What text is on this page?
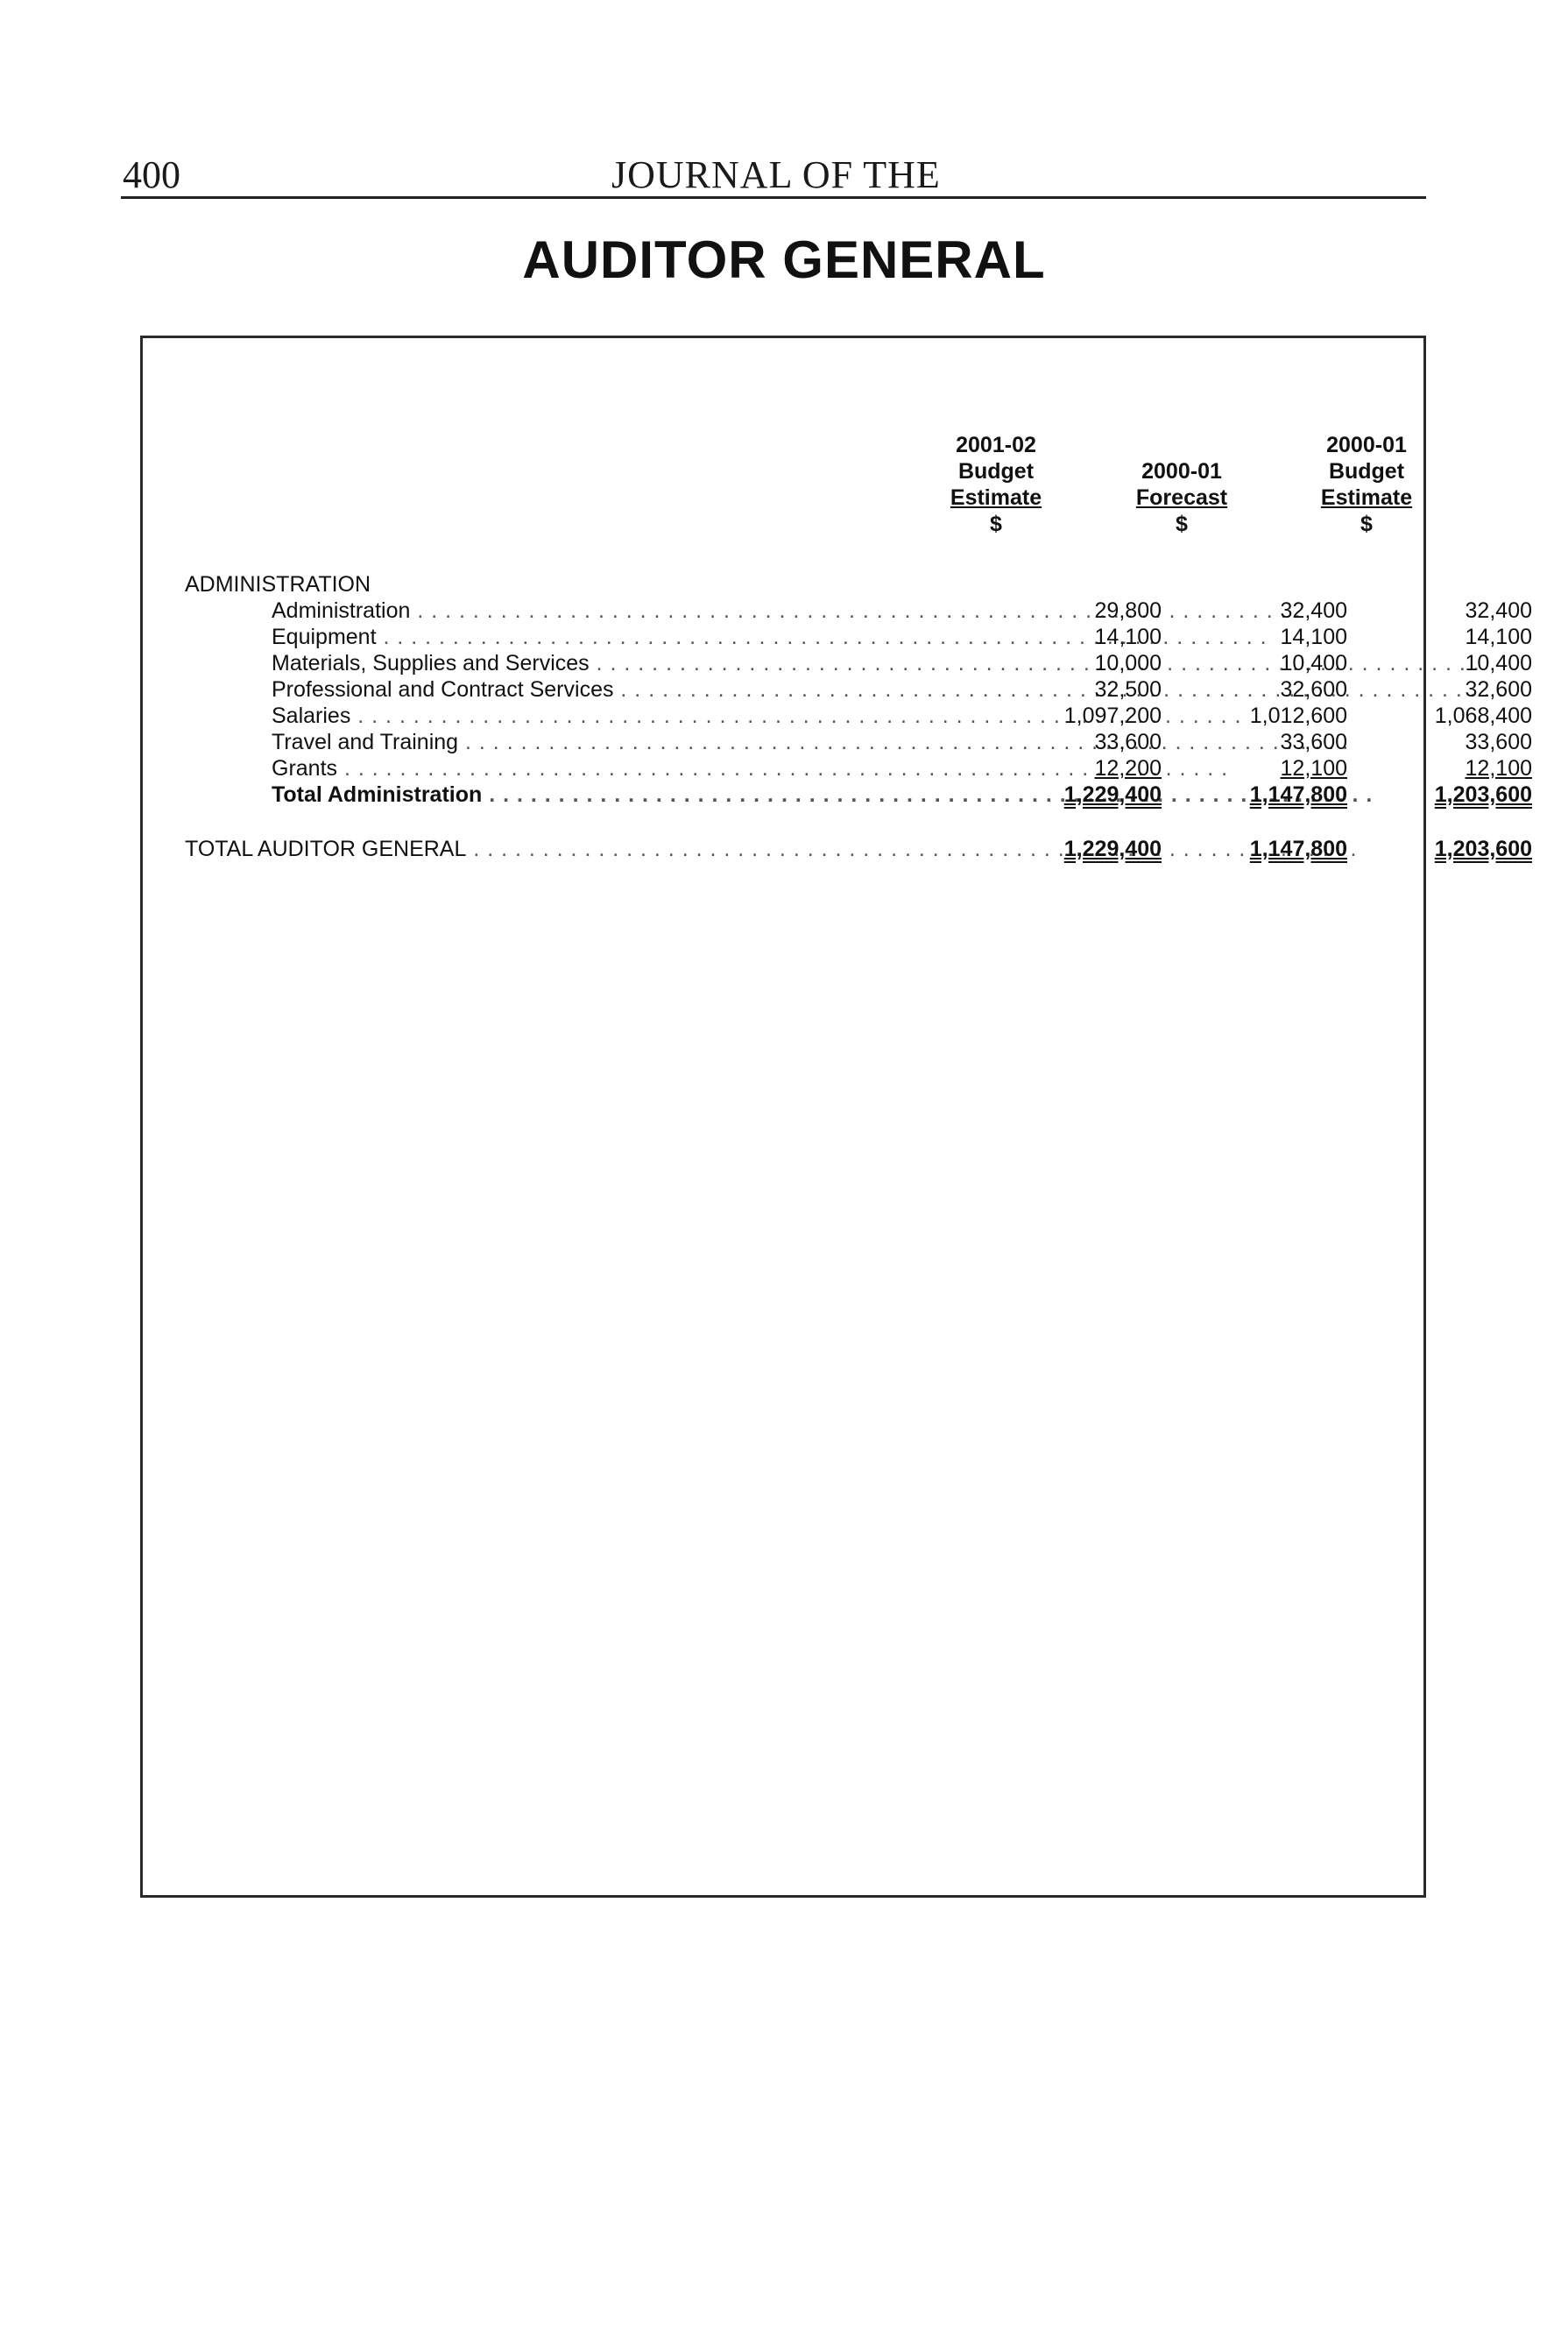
400	JOURNAL OF THE
AUDITOR GENERAL
2001-02
Budget
Estimate
$
2000-01
Forecast
$
2000-01
Budget
Estimate
$
ADMINISTRATION
Administration . . .	29,800	32,400	32,400
Equipment . . .	14,100	14,100	14,100
Materials, Supplies and Services . . .	10,000	10,400	10,400
Professional and Contract Services . . .	32,500	32,600	32,600
Salaries . . .	1,097,200	1,012,600	1,068,400
Travel and Training . . .	33,600	33,600	33,600
Grants . . .	12,200	12,100	12,100
Total Administration . . .	1,229,400	1,147,800	1,203,600
TOTAL AUDITOR GENERAL . . .	1,229,400	1,147,800	1,203,600
